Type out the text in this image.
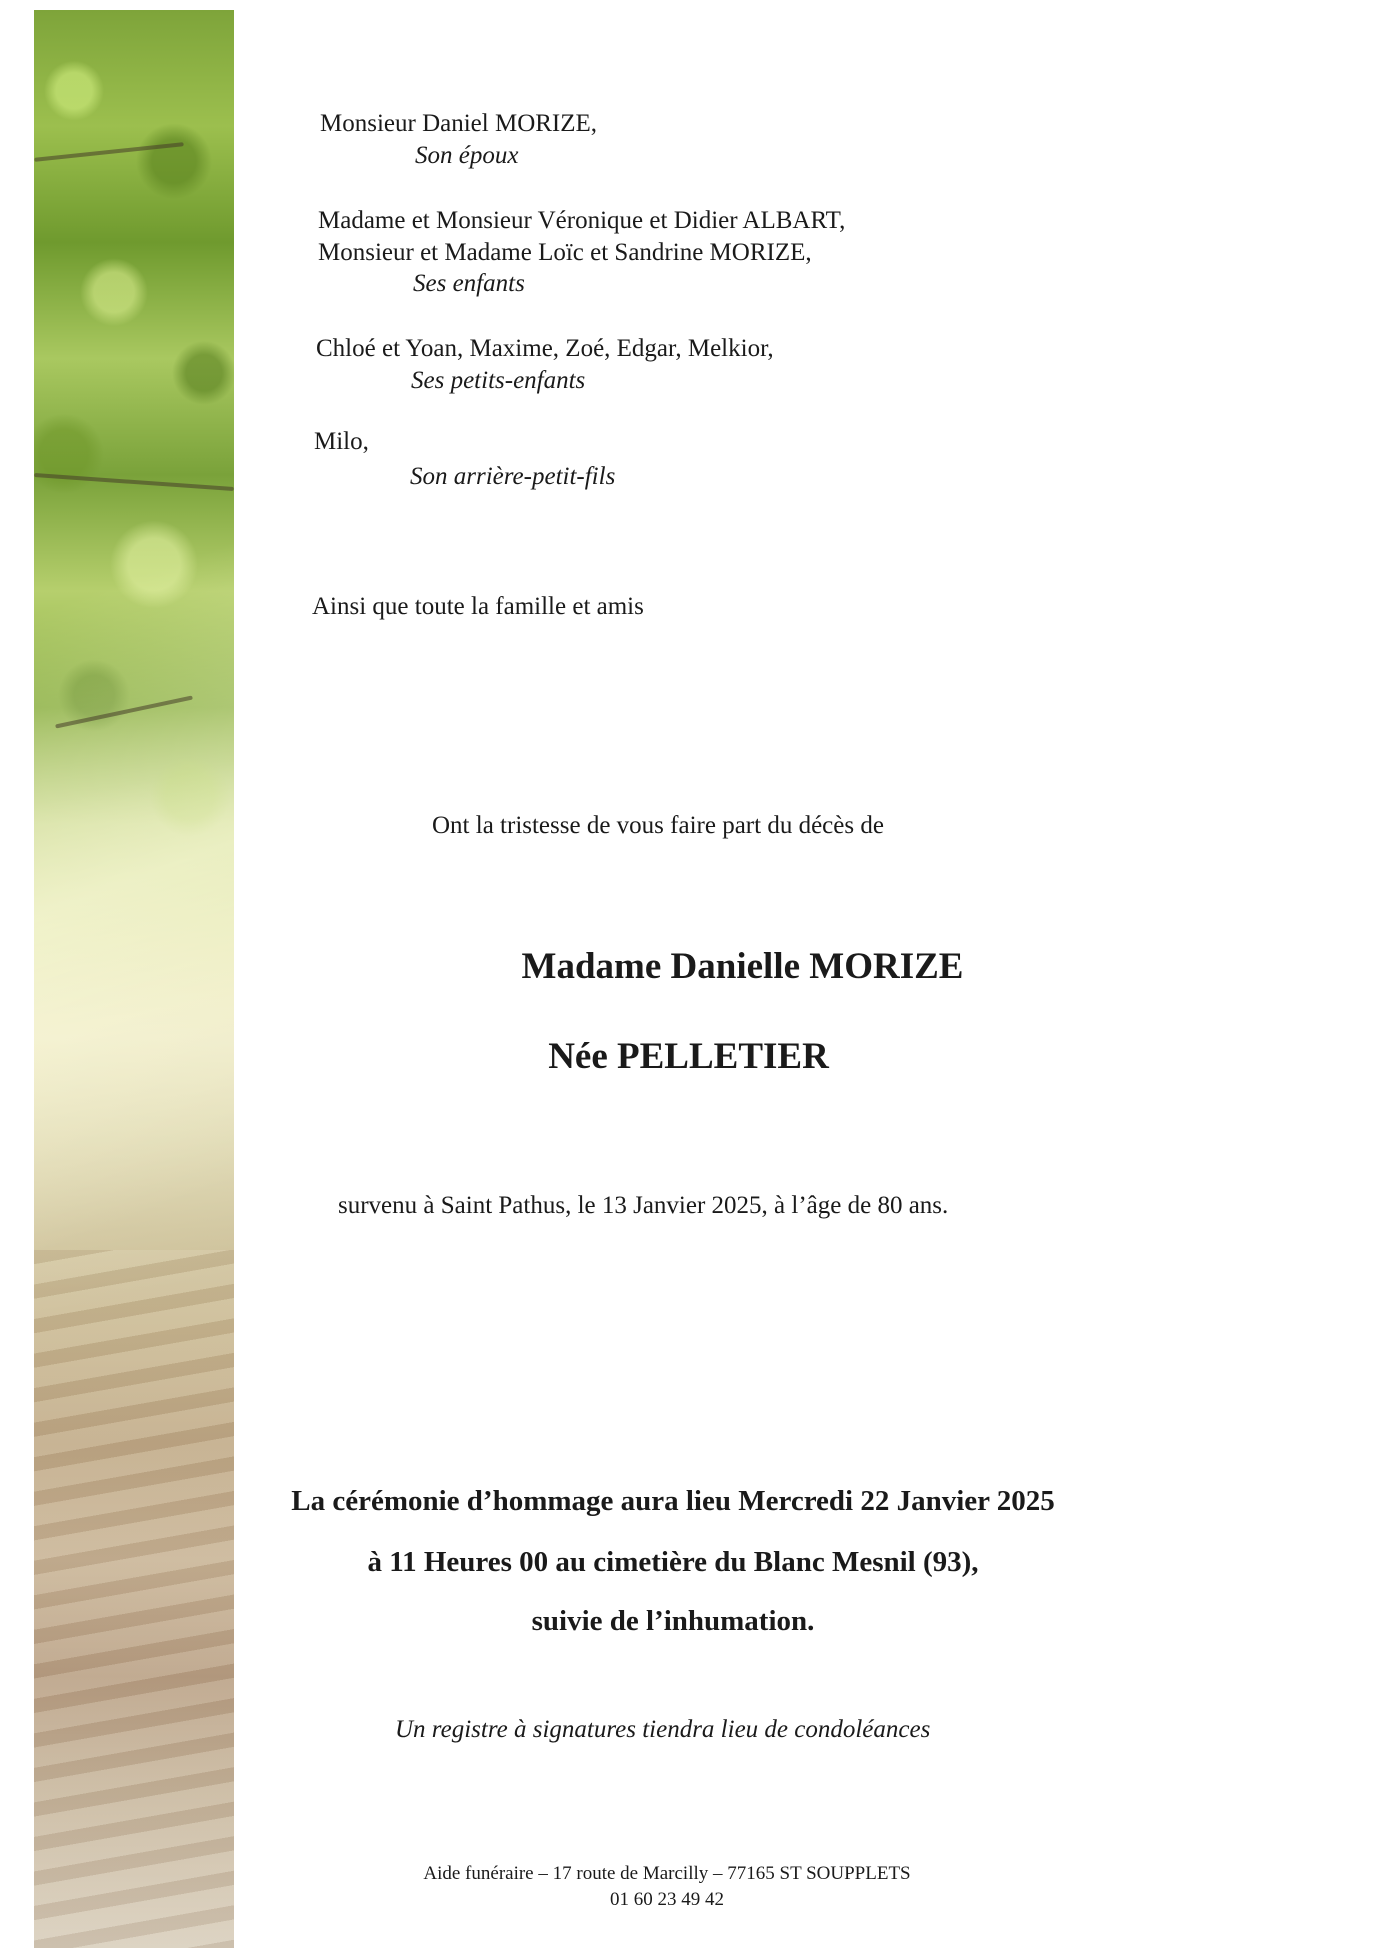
Monsieur Daniel MORIZE,
Son époux
Madame et Monsieur Véronique et Didier ALBART,
Monsieur et Madame Loïc et Sandrine MORIZE,
Ses enfants
Chloé et Yoan, Maxime, Zoé, Edgar, Melkior,
Ses petits-enfants
Milo,
Son arrière-petit-fils
Ainsi que toute la famille et amis
Ont la tristesse de vous faire part du décès de
Madame Danielle MORIZE
Née PELLETIER
survenu à Saint Pathus, le 13 Janvier 2025, à l’âge de 80 ans.
La cérémonie d’hommage aura lieu Mercredi 22 Janvier 2025
à 11 Heures 00 au cimetière du Blanc Mesnil (93),
suivie de l’inhumation.
Un registre à signatures tiendra lieu de condoléances
Aide funéraire – 17 route de Marcilly – 77165 ST SOUPPLETS
01 60 23 49 42
